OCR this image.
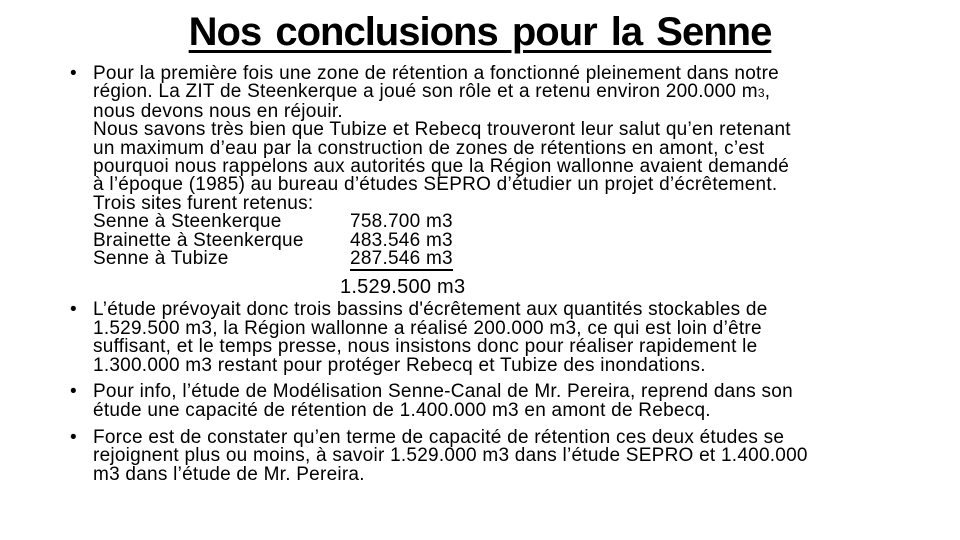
Nos conclusions pour la Senne
• Pour la première fois une zone de rétention a fonctionné pleinement dans notre
région. La ZIT de Steenkerque a joué son rôle et a retenu environ 200.000 m3,
nous devons nous en réjouir.
Nous savons très bien que Tubize et Rebecq trouveront leur salut qu’en retenant
un maximum d’eau par la construction de zones de rétentions en amont, c’est
pourquoi nous rappelons aux autorités que la Région wallonne avaient demandé
à l’époque (1985) au bureau d’études SEPRO d’étudier un projet d’écrêtement.
Trois sites furent retenus:
Senne à Steenkerque	758.700 m3
Brainette à Steenkerque	483.546 m3
Senne à Tubize	287.546 m3
1.529.500 m3
• L’étude prévoyait donc trois bassins d'écrêtement aux quantités stockables de
1.529.500 m3, la Région wallonne a réalisé 200.000 m3, ce qui est loin d’être
suffisant, et le temps presse, nous insistons donc pour réaliser rapidement le
1.300.000 m3 restant pour protéger Rebecq et Tubize des inondations.
• Pour info, l’étude de Modélisation Senne-Canal de Mr. Pereira, reprend dans son
étude une capacité de rétention de 1.400.000 m3 en amont de Rebecq.
• Force est de constater qu’en terme de capacité de rétention ces deux études se
rejoignent plus ou moins, à savoir 1.529.000 m3 dans l’étude SEPRO et 1.400.000
m3 dans l’étude de Mr. Pereira.
